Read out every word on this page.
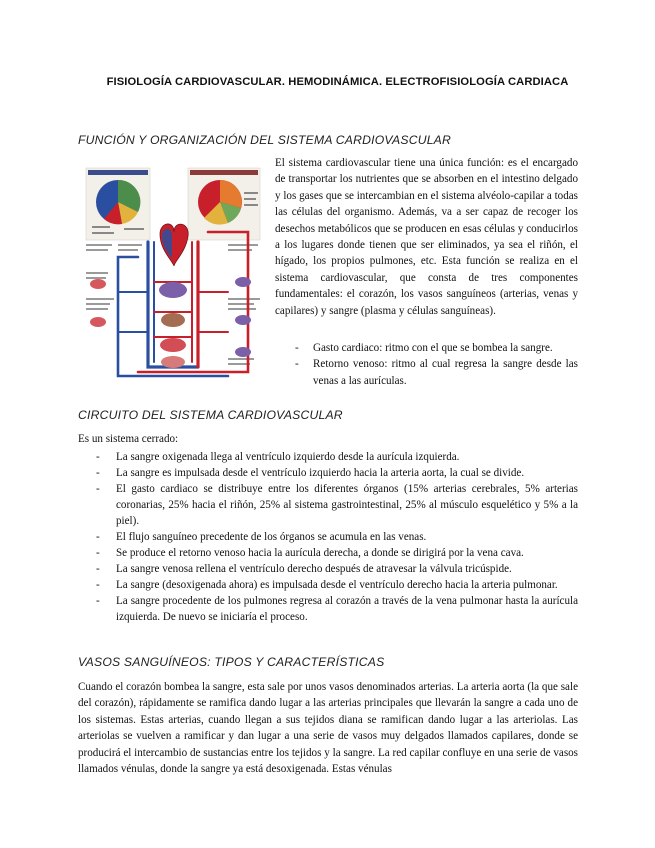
FISIOLOGÍA CARDIOVASCULAR. HEMODINÁMICA. ELECTROFISIOLOGÍA CARDIACA
FUNCIÓN Y ORGANIZACIÓN DEL SISTEMA CARDIOVASCULAR

El sistema cardiovascular tiene una única función: es el encargado de transportar los nutrientes que se absorben en el intestino delgado y los gases que se intercambian en el sistema alvéolo-capilar a todas las células del organismo. Además, va a ser capaz de recoger los desechos metabólicos que se producen en esas células y conducirlos a los lugares donde tienen que ser eliminados, ya sea el riñón, el hígado, los propios pulmones, etc. Esta función se realiza en el sistema cardiovascular, que consta de tres componentes fundamentales: el corazón, los vasos sanguíneos (arterias, venas y capilares) y sangre (plasma y células sanguíneas).

- Gasto cardiaco: ritmo con el que se bombea la sangre.
- Retorno venoso: ritmo al cual regresa la sangre desde las venas a las aurículas.
CIRCUITO DEL SISTEMA CARDIOVASCULAR

Es un sistema cerrado:

- La sangre oxigenada llega al ventrículo izquierdo desde la aurícula izquierda.
- La sangre es impulsada desde el ventrículo izquierdo hacia la arteria aorta, la cual se divide.
- El gasto cardiaco se distribuye entre los diferentes órganos (15% arterias cerebrales, 5% arterias coronarias, 25% hacia el riñón, 25% al sistema gastrointestinal, 25% al músculo esquelético y 5% a la piel).
- El flujo sanguíneo precedente de los órganos se acumula en las venas.
- Se produce el retorno venoso hacia la aurícula derecha, a donde se dirigirá por la vena cava.
- La sangre venosa rellena el ventrículo derecho después de atravesar la válvula tricúspide.
- La sangre (desoxigenada ahora) es impulsada desde el ventrículo derecho hacia la arteria pulmonar.
- La sangre procedente de los pulmones regresa al corazón a través de la vena pulmonar hasta la aurícula izquierda. De nuevo se iniciaría el proceso.
VASOS SANGUÍNEOS: TIPOS Y CARACTERÍSTICAS

Cuando el corazón bombea la sangre, esta sale por unos vasos denominados arterias. La arteria aorta (la que sale del corazón), rápidamente se ramifica dando lugar a las arterias principales que llevarán la sangre a cada uno de los sistemas. Estas arterias, cuando llegan a sus tejidos diana se ramifican dando lugar a las arteriolas. Las arteriolas se vuelven a ramificar y dan lugar a una serie de vasos muy delgados llamados capilares, donde se producirá el intercambio de sustancias entre los tejidos y la sangre. La red capilar confluye en una serie de vasos llamados vénulas, donde la sangre ya está desoxigenada. Estas vénulas
